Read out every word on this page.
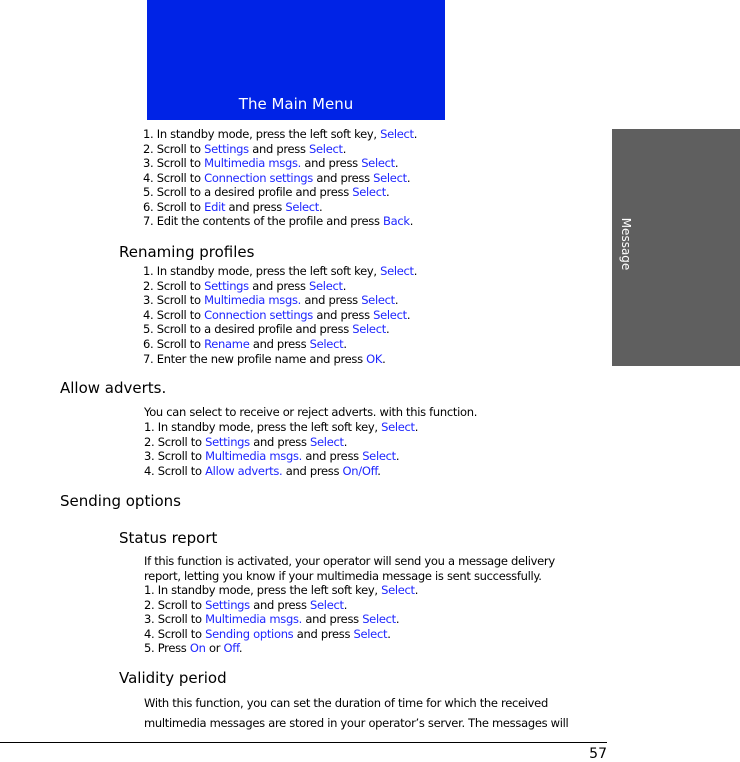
The Main Menu
Message
1. In standby mode, press the left soft key, Select.
2. Scroll to Settings and press Select.
3. Scroll to Multimedia msgs. and press Select.
4. Scroll to Connection settings and press Select.
5. Scroll to a desired profile and press Select.
6. Scroll to Edit and press Select.
7. Edit the contents of the profile and press Back.
Renaming profiles
1. In standby mode, press the left soft key, Select.
2. Scroll to Settings and press Select.
3. Scroll to Multimedia msgs. and press Select.
4. Scroll to Connection settings and press Select.
5. Scroll to a desired profile and press Select.
6. Scroll to Rename and press Select.
7. Enter the new profile name and press OK.
Allow adverts.
You can select to receive or reject adverts. with this function.
1. In standby mode, press the left soft key, Select.
2. Scroll to Settings and press Select.
3. Scroll to Multimedia msgs. and press Select.
4. Scroll to Allow adverts. and press On/Off.
Sending options
Status report
If this function is activated, your operator will send you a message delivery
report, letting you know if your multimedia message is sent successfully.
1. In standby mode, press the left soft key, Select.
2. Scroll to Settings and press Select.
3. Scroll to Multimedia msgs. and press Select.
4. Scroll to Sending options and press Select.
5. Press On or Off.
Validity period
With this function, you can set the duration of time for which the received
multimedia messages are stored in your operator’s server. The messages will
57
